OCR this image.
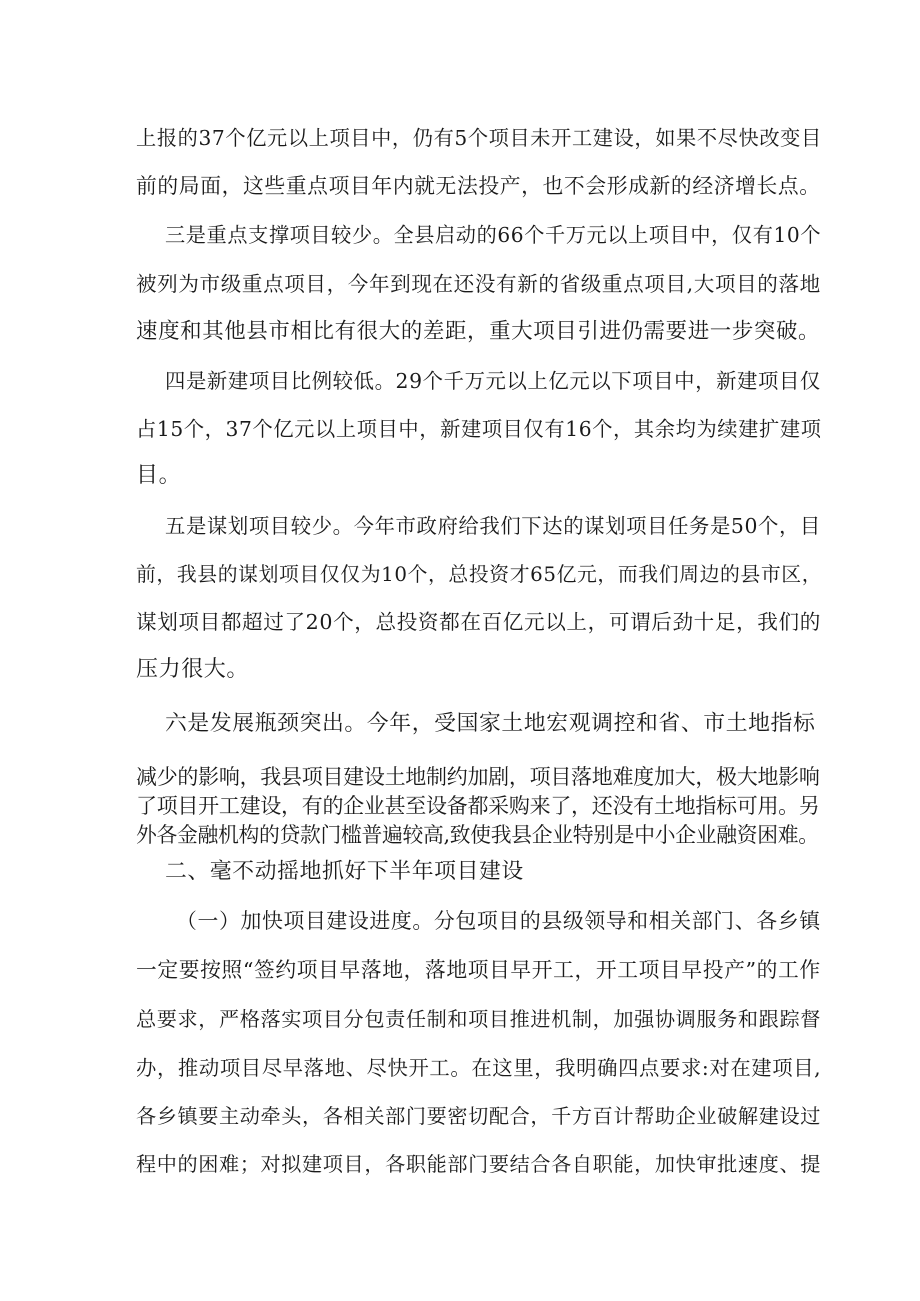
上报的37个亿元以上项目中，仍有5个项目未开工建设，如果不尽快改变目
前的局面，这些重点项目年内就无法投产，也不会形成新的经济增长点。
三是重点支撑项目较少。全县启动的66个千万元以上项目中，仅有10个
被列为市级重点项目，今年到现在还没有新的省级重点项目,大项目的落地
速度和其他县市相比有很大的差距，重大项目引进仍需要进一步突破。
四是新建项目比例较低。29个千万元以上亿元以下项目中，新建项目仅
占15个，37个亿元以上项目中，新建项目仅有16个，其余均为续建扩建项
目。
五是谋划项目较少。今年市政府给我们下达的谋划项目任务是50个，目
前，我县的谋划项目仅仅为10个，总投资才65亿元，而我们周边的县市区，
谋划项目都超过了20个，总投资都在百亿元以上，可谓后劲十足，我们的
压力很大。
六是发展瓶颈突出。今年，受国家土地宏观调控和省、市土地指标
减少的影响，我县项目建设土地制约加剧，项目落地难度加大，极大地影响
了项目开工建设，有的企业甚至设备都采购来了，还没有土地指标可用。另
外各金融机构的贷款门槛普遍较高,致使我县企业特别是中小企业融资困难。
二、毫不动摇地抓好下半年项目建设
（一）加快项目建设进度。分包项目的县级领导和相关部门、各乡镇
一定要按照“签约项目早落地，落地项目早开工，开工项目早投产”的工作
总要求，严格落实项目分包责任制和项目推进机制，加强协调服务和跟踪督
办，推动项目尽早落地、尽快开工。在这里，我明确四点要求:对在建项目,
各乡镇要主动牵头，各相关部门要密切配合，千方百计帮助企业破解建设过
程中的困难；对拟建项目，各职能部门要结合各自职能，加快审批速度、提
